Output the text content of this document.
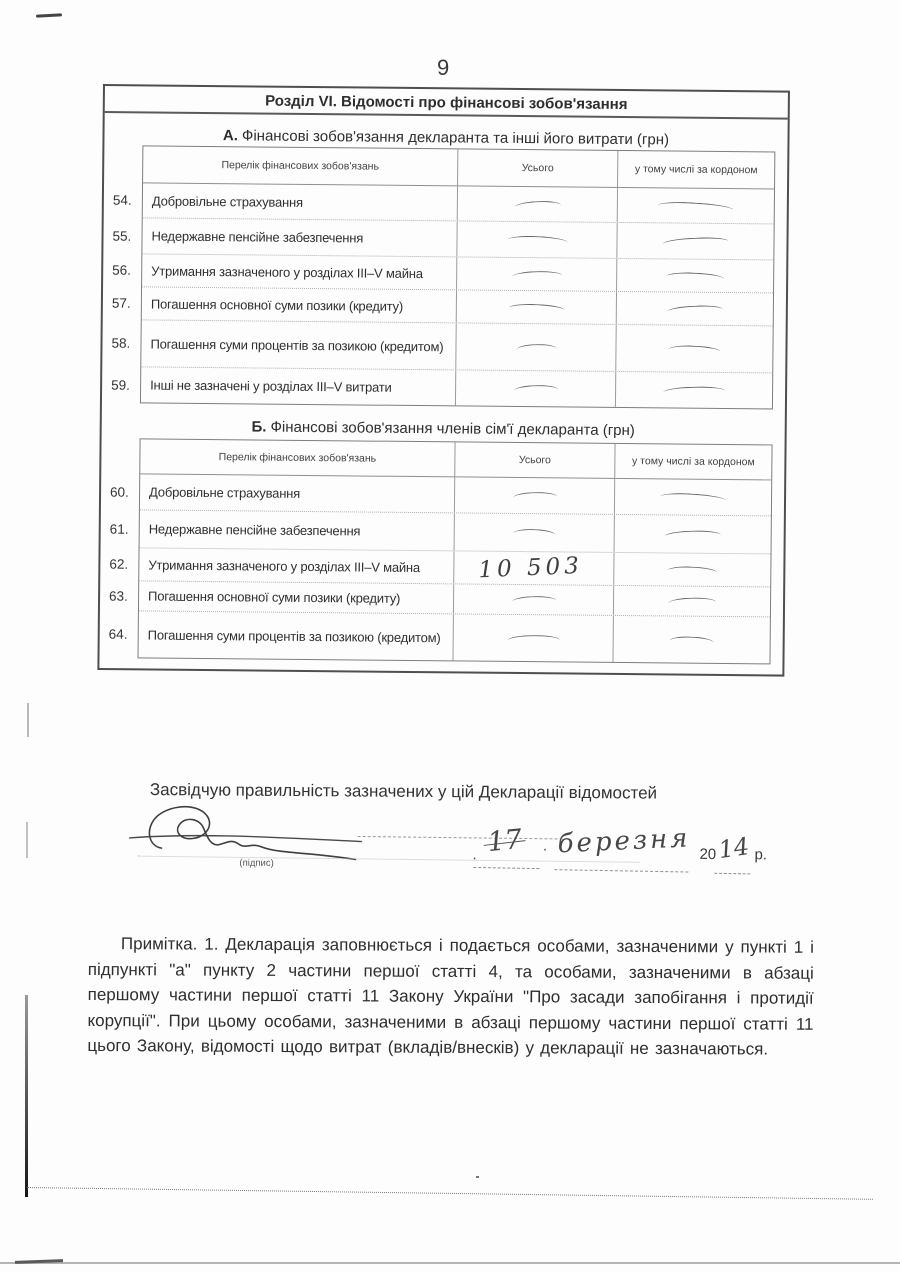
9
Розділ VI. Відомості про фінансові зобов'язання
А. Фінансові зобов'язання декларанта та інші його витрати (грн)
Перелік фінансових зобов'язань	Усього	у тому числі за кордоном
54.	Добровільне страхування
55.	Недержавне пенсійне забезпечення
56.	Утримання зазначеного у розділах III–V майна
57.	Погашення основної суми позики (кредиту)
58.	Погашення суми процентів за позикою (кредитом)
59.	Інші не зазначені у розділах III–V витрати
Б. Фінансові зобов'язання членів сім'ї декларанта (грн)
Перелік фінансових зобов'язань	Усього	у тому числі за кордоном
60.	Добровільне страхування
61.	Недержавне пенсійне забезпечення
62.	Утримання зазначеного у розділах III–V майна	10 503
63.	Погашення основної суми позики (кредиту)
64.	Погашення суми процентів за позикою (кредитом)
Засвідчую правильність зазначених у цій Декларації відомостей
(підпис)	. 17 · березня 20 14 р.
Примітка. 1. Декларація заповнюється і подається особами, зазначеними у пункті 1 і підпункті "а" пункту 2 частини першої статті 4, та особами, зазначеними в абзаці першому частини першої статті 11 Закону України "Про засади запобігання і протидії корупції". При цьому особами, зазначеними в абзаці першому частини першої статті 11 цього Закону, відомості щодо витрат (вкладів/внесків) у декларації не зазначаються.
